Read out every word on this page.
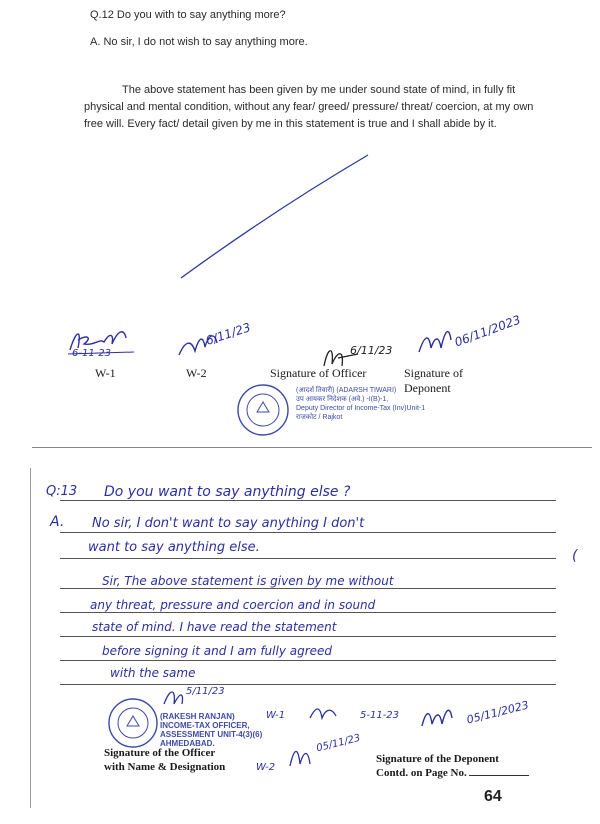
Q.12 Do you with to say anything more?
A. No sir, I do not wish to say anything more.
The above statement has been given by me under sound state of mind, in fully fit physical and mental condition, without any fear/ greed/ pressure/ threat/ coercion, at my own free will. Every fact/ detail given by me in this statement is true and I shall abide by it.
6-11-23
W-1
6/11/23
W-2
6/11/23
Signature of Officer
06/11/2023
Signature of Deponent
(आदर्श तिवारी) (ADARSH TIWARI)
उप आयकर निदेशक (अवे.) -I(B)-1,
Deputy Director of Income-Tax (Inv)Unit-1
राजकोट / Rajkot
Q:13 Do you want to say anything else ?
A. No sir, I don't want to say anything I don't
want to say anything else.
(
Sir, The above statement is given by me without
any threat, pressure and coercion and in sound
state of mind. I have read the statement
before signing it and I am fully agreed
with the same
5/11/23
(RAKESH RANJAN)
INCOME-TAX OFFICER,
ASSESSMENT UNIT-4(3)(6)
AHMEDABAD.
Signature of the Officer
with Name & Designation
W-1	5-11-23
W-2
05/11/23
05/11/2023
Signature of the Deponent
Contd. on Page No.
64
